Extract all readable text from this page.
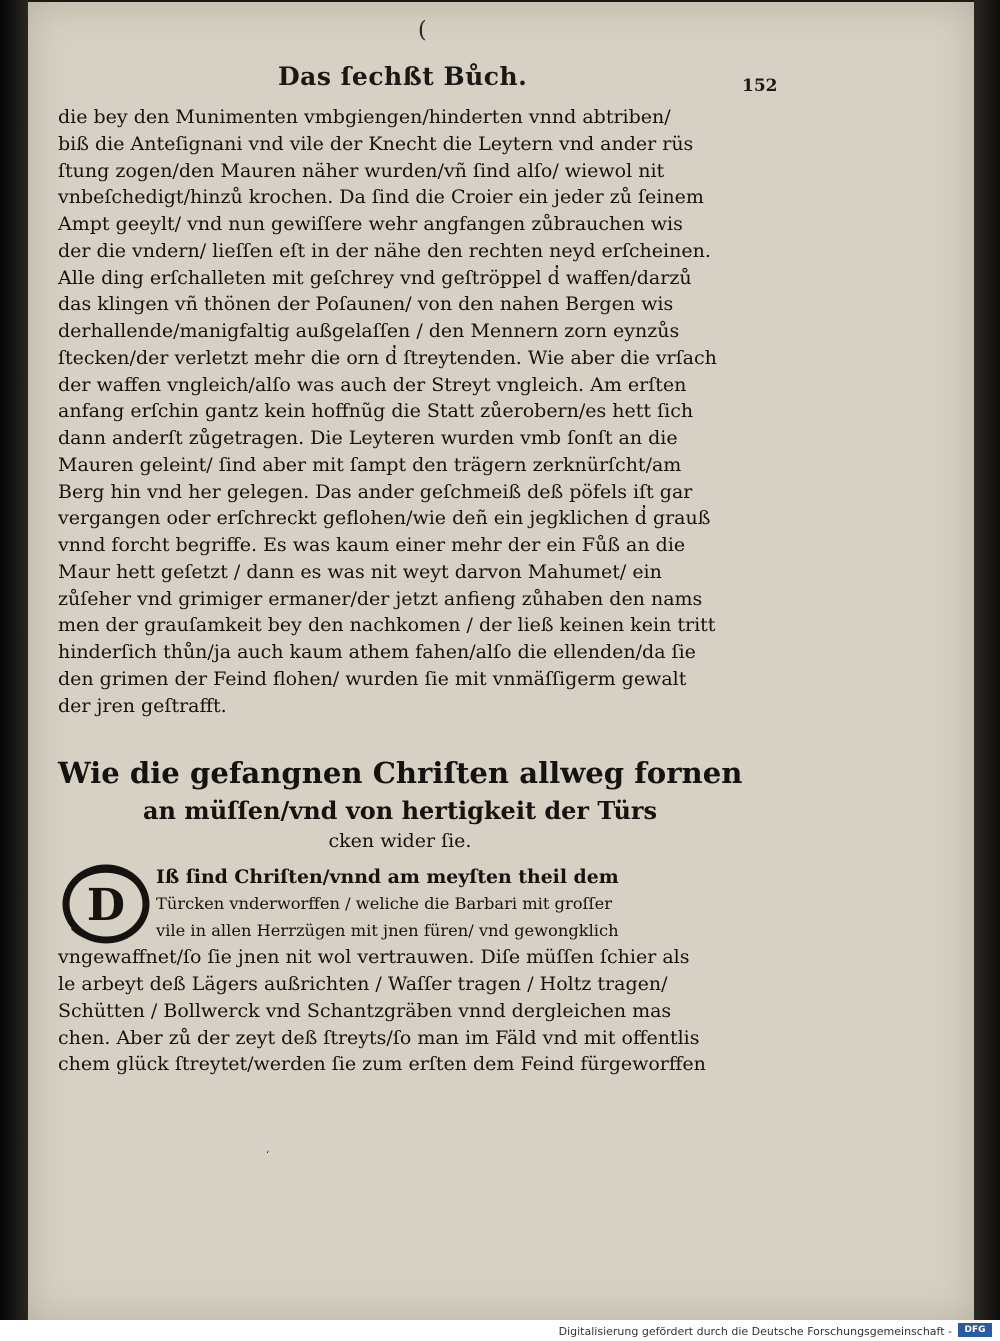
(
Das ſechßt Bůch.	152
die bey den Munimenten vmbgiengen/hinderten vnnd abtriben/
biß die Anteſignani vnd vile der Knecht die Leytern vnd ander rüs
ſtung zogen/den Mauren näher wurden/vñ ſind alſo/ wiewol nit
vnbeſchedigt/hinzů krochen. Da ſind die Croier ein jeder zů ſeinem
Ampt geeylt/ vnd nun gewiſſere wehr angfangen zůbrauchen wis
der die vndern/ lieſſen eſt in der nähe den rechten neyd erſcheinen.
Alle ding erſchalleten mit geſchrey vnd geſtröppel d̓ waffen/darzů
das klingen vñ thönen der Poſaunen/ von den nahen Bergen wis
derhallende/manigfaltig außgelaſſen / den Mennern zorn eynzůs
ſtecken/der verletzt mehr die orn d̓ ſtreytenden. Wie aber die vrſach
der waffen vngleich/alſo was auch der Streyt vngleich. Am erſten
anfang erſchin gantz kein hoffnũg die Statt zůerobern/es hett ſich
dann anderſt zůgetragen. Die Leyteren wurden vmb ſonſt an die
Mauren geleint/ ſind aber mit ſampt den trägern zerknürſcht/am
Berg hin vnd her gelegen. Das ander geſchmeiß deß pöfels iſt gar
vergangen oder erſchreckt geflohen/wie deñ ein jegklichen d̓ grauß
vnnd forcht begriffe. Es was kaum einer mehr der ein Fůß an die
Maur hett geſetzt / dann es was nit weyt darvon Mahumet/ ein
zůſeher vnd grimiger ermaner/der jetzt anfieng zůhaben den nams
men der grauſamkeit bey den nachkomen / der ließ keinen kein tritt
hinderſich thůn/ja auch kaum athem fahen/alſo die ellenden/da ſie
den grimen der Feind flohen/ wurden ſie mit vnmäſſigerm gewalt
der jren geſtrafft.
Wie die gefangnen Chriſten allweg fornen
an müſſen/vnd von hertigkeit der Türs
cken wider ſie.
D
Iß ſind Chriſten/vnnd am meyſten theil dem
Türcken vnderworffen / weliche die Barbari mit groſſer
vile in allen Herrzügen mit jnen füren/ vnd gewongklich
vngewaffnet/ſo ſie jnen nit wol vertrauwen. Diſe müſſen ſchier als
le arbeyt deß Lägers außrichten / Waſſer tragen / Holtz tragen/
Schütten / Bollwerck vnd Schantzgräben vnnd dergleichen mas
chen. Aber zů der zeyt deß ſtreyts/ſo man im Fäld vnd mit offentlis
chem glück ſtreytet/werden ſie zum erſten dem Feind fürgeworffen
‘
Digitalisierung gefördert durch die Deutsche Forschungsgemeinschaft -	DFG
